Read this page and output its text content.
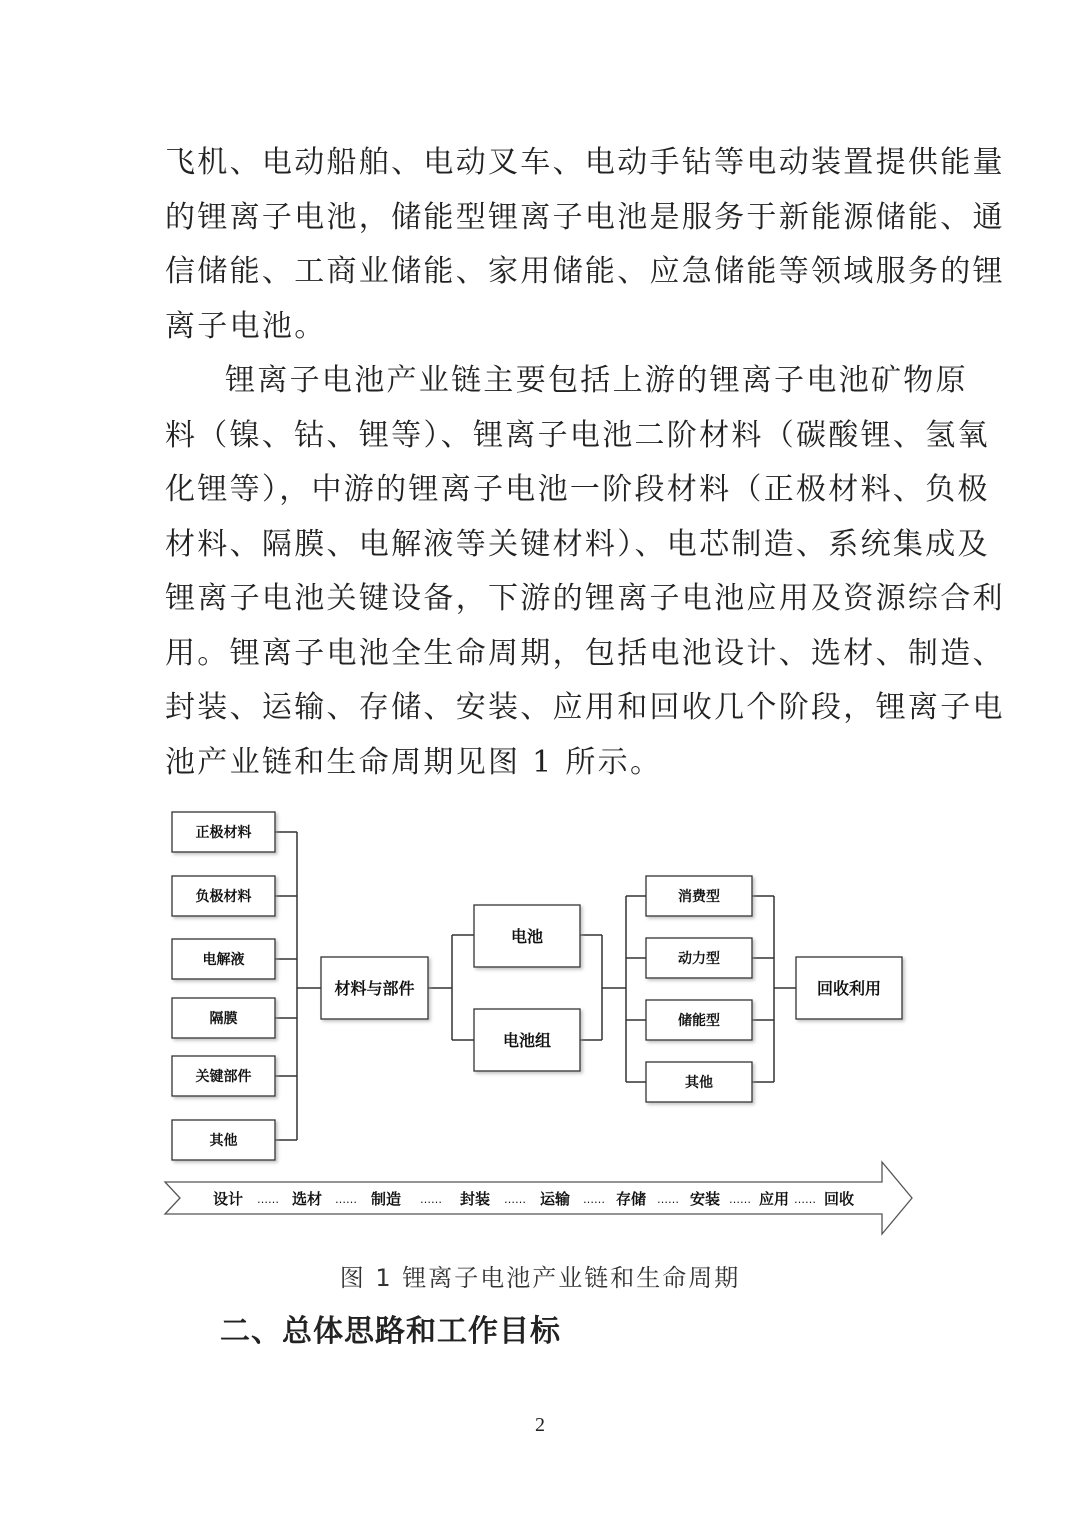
飞机、电动船舶、电动叉车、电动手钻等电动装置提供能量
的锂离子电池，储能型锂离子电池是服务于新能源储能、通
信储能、工商业储能、家用储能、应急储能等领域服务的锂
离子电池。
锂离子电池产业链主要包括上游的锂离子电池矿物原
料（镍、钴、锂等）、锂离子电池二阶材料（碳酸锂、氢氧
化锂等），中游的锂离子电池一阶段材料（正极材料、负极
材料、隔膜、电解液等关键材料）、电芯制造、系统集成及
锂离子电池关键设备，下游的锂离子电池应用及资源综合利
用。锂离子电池全生命周期，包括电池设计、选材、制造、
封装、运输、存储、安装、应用和回收几个阶段，锂离子电
池产业链和生命周期见图 1 所示。
正极材料
负极材料
电解液
隔膜
关键部件
其他
材料与部件
电池
电池组
消费型
动力型
储能型
其他
回收利用
设计 …… 选材 …… 制造 …… 封装 …… 运输 …… 存储 …… 安装 …… 应用 …… 回收
图 1 锂离子电池产业链和生命周期
二、总体思路和工作目标
2
